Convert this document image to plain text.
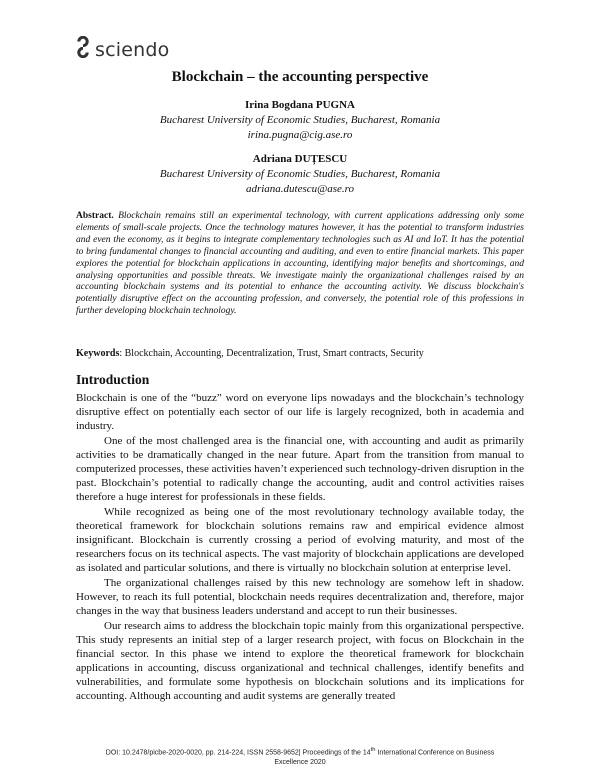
sciendo
Blockchain – the accounting perspective
Irina Bogdana PUGNA
Bucharest University of Economic Studies, Bucharest, Romania
irina.pugna@cig.ase.ro
Adriana DUȚESCU
Bucharest University of Economic Studies, Bucharest, Romania
adriana.dutescu@ase.ro
Abstract. Blockchain remains still an experimental technology, with current applications addressing only some elements of small-scale projects. Once the technology matures however, it has the potential to transform industries and even the economy, as it begins to integrate complementary technologies such as AI and IoT. It has the potential to bring fundamental changes to financial accounting and auditing, and even to entire financial markets. This paper explores the potential for blockchain applications in accounting, identifying major benefits and shortcomings, and analysing opportunities and possible threats. We investigate mainly the organizational challenges raised by an accounting blockchain systems and its potential to enhance the accounting activity. We discuss blockchain's potentially disruptive effect on the accounting profession, and conversely, the potential role of this professions in further developing blockchain technology.
Keywords: Blockchain, Accounting, Decentralization, Trust, Smart contracts, Security
Introduction

Blockchain is one of the “buzz” word on everyone lips nowadays and the blockchain’s technology disruptive effect on potentially each sector of our life is largely recognized, both in academia and industry.

One of the most challenged area is the financial one, with accounting and audit as primarily activities to be dramatically changed in the near future. Apart from the transition from manual to computerized processes, these activities haven’t experienced such technology-driven disruption in the past. Blockchain’s potential to radically change the accounting, audit and control activities raises therefore a huge interest for professionals in these fields.

While recognized as being one of the most revolutionary technology available today, the theoretical framework for blockchain solutions remains raw and empirical evidence almost insignificant. Blockchain is currently crossing a period of evolving maturity, and most of the researchers focus on its technical aspects. The vast majority of blockchain applications are developed as isolated and particular solutions, and there is virtually no blockchain solution at enterprise level.

The organizational challenges raised by this new technology are somehow left in shadow. However, to reach its full potential, blockchain needs requires decentralization and, therefore, major changes in the way that business leaders understand and accept to run their businesses.

Our research aims to address the blockchain topic mainly from this organizational perspective. This study represents an initial step of a larger research project, with focus on Blockchain in the financial sector. In this phase we intend to explore the theoretical framework for blockchain applications in accounting, discuss organizational and technical challenges, identify benefits and vulnerabilities, and formulate some hypothesis on blockchain solutions and its implications for accounting. Although accounting and audit systems are generally treated

DOI: 10.2478/picbe-2020-0020, pp. 214-224, ISSN 2558-9652| Proceedings of the 14th International Conference on Business
Excellence 2020
